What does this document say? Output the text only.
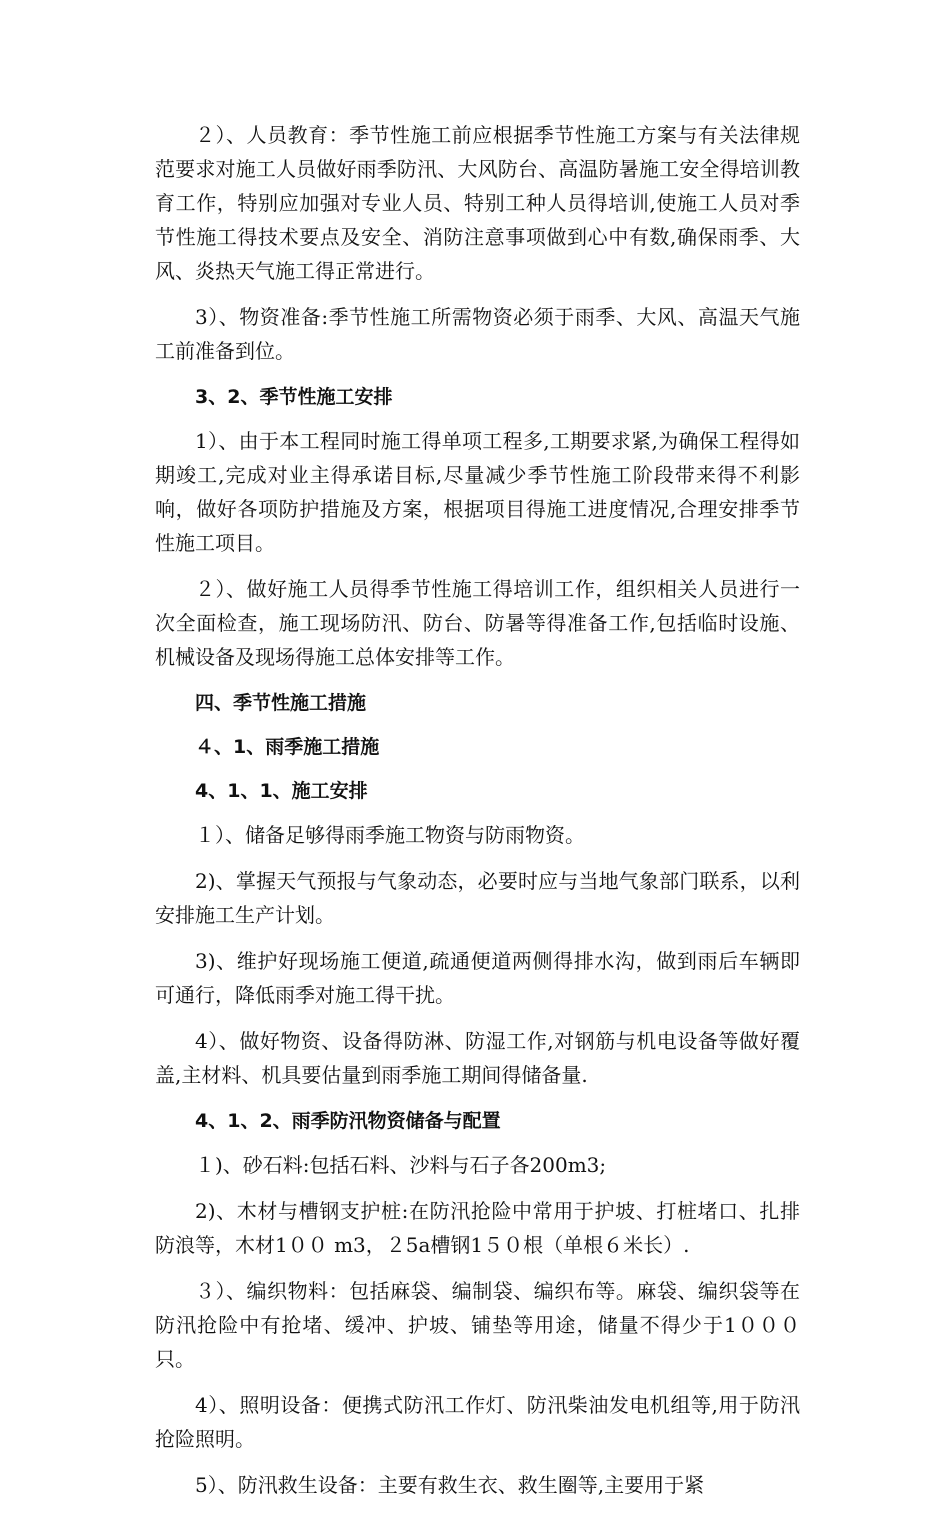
２）、人员教育：季节性施工前应根据季节性施工方案与有关法律规范要求对施工人员做好雨季防汛、大风防台、高温防暑施工安全得培训教育工作，特别应加强对专业人员、特别工种人员得培训,使施工人员对季节性施工得技术要点及安全、消防注意事项做到心中有数,确保雨季、大风、炎热天气施工得正常进行。

3）、物资准备:季节性施工所需物资必须于雨季、大风、高温天气施工前准备到位。

3、2、季节性施工安排

1）、由于本工程同时施工得单项工程多,工期要求紧,为确保工程得如期竣工,完成对业主得承诺目标,尽量减少季节性施工阶段带来得不利影响，做好各项防护措施及方案，根据项目得施工进度情况,合理安排季节性施工项目。

２）、做好施工人员得季节性施工得培训工作，组织相关人员进行一次全面检查，施工现场防汛、防台、防暑等得准备工作,包括临时设施、机械设备及现场得施工总体安排等工作。

四、季节性施工措施

４、1、雨季施工措施

4、1、1、施工安排

１）、储备足够得雨季施工物资与防雨物资。

2)、掌握天气预报与气象动态，必要时应与当地气象部门联系，以利安排施工生产计划。

3)、维护好现场施工便道,疏通便道两侧得排水沟，做到雨后车辆即可通行，降低雨季对施工得干扰。

4）、做好物资、设备得防淋、防湿工作,对钢筋与机电设备等做好覆盖,主材料、机具要估量到雨季施工期间得储备量.

4、1、2、雨季防汛物资储备与配置

１)、砂石料:包括石料、沙料与石子各200m3;

2)、木材与槽钢支护桩:在防汛抢险中常用于护坡、打桩堵口、扎排防浪等，木材1００ m3，２5a槽钢1５０根（单根６米长）.

３）、编织物料：包括麻袋、编制袋、编织布等。麻袋、编织袋等在防汛抢险中有抢堵、缓冲、护坡、铺垫等用途，储量不得少于1０００只。

4）、照明设备：便携式防汛工作灯、防汛柴油发电机组等,用于防汛抢险照明。

5）、防汛救生设备：主要有救生衣、救生圈等,主要用于紧
